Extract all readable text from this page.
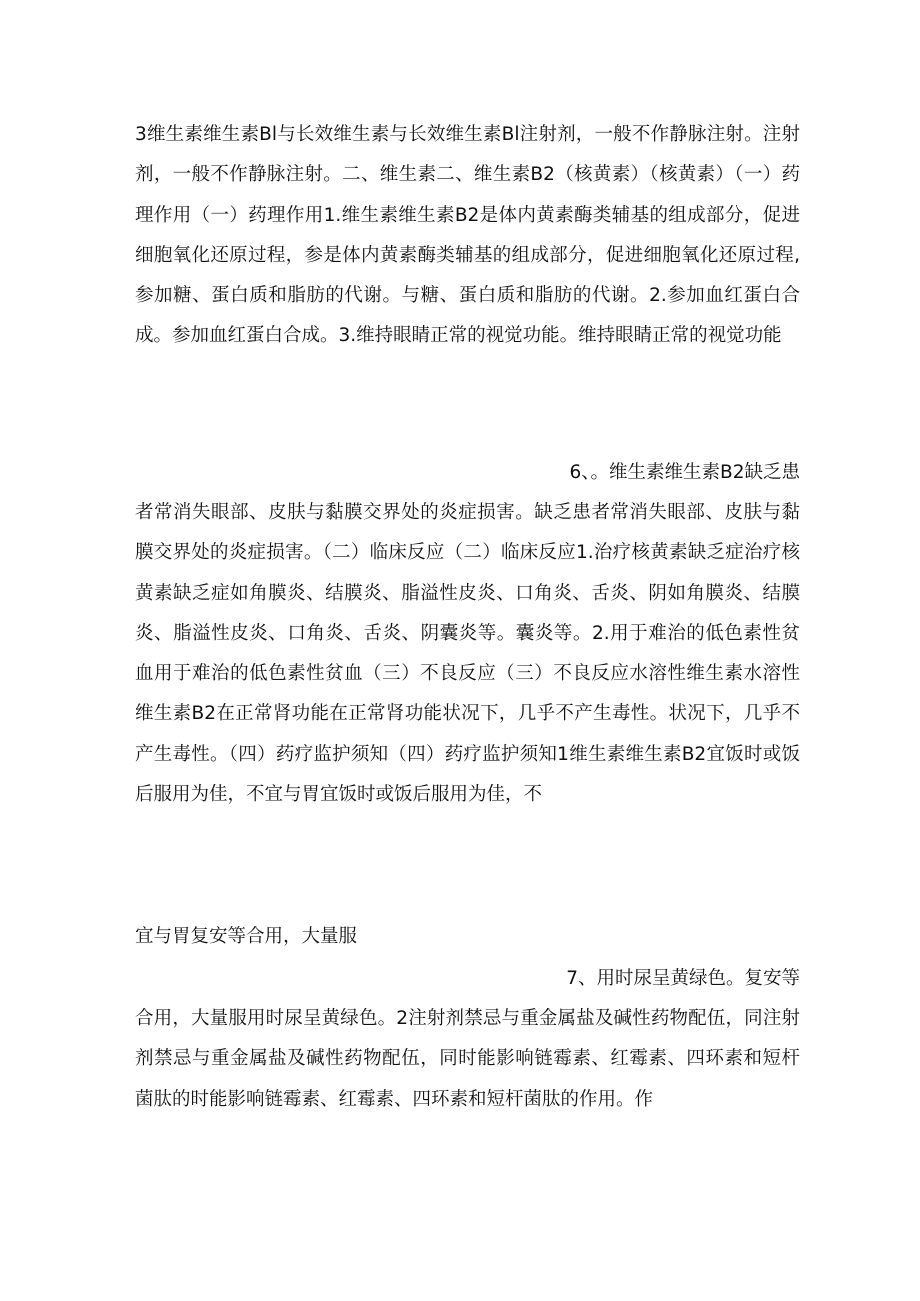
3维生素维生素Bl与长效维生素与长效维生素Bl注射剂，一般不作静脉注射。注射剂，一般不作静脉注射。二、维生素二、维生素B2（核黄素）（核黄素）（一）药理作用（一）药理作用1.维生素维生素B2是体内黄素酶类辅基的组成部分，促进细胞氧化还原过程，参是体内黄素酶类辅基的组成部分，促进细胞氧化还原过程,参加糖、蛋白质和脂肪的代谢。与糖、蛋白质和脂肪的代谢。2.参加血红蛋白合成。参加血红蛋白合成。3.维持眼睛正常的视觉功能。维持眼睛正常的视觉功能

6、。维生素维生素B2缺乏患

者常消失眼部、皮肤与黏膜交界处的炎症损害。缺乏患者常消失眼部、皮肤与黏膜交界处的炎症损害。（二）临床反应（二）临床反应1.治疗核黄素缺乏症治疗核黄素缺乏症如角膜炎、结膜炎、脂溢性皮炎、口角炎、舌炎、阴如角膜炎、结膜炎、脂溢性皮炎、口角炎、舌炎、阴囊炎等。囊炎等。2.用于难治的低色素性贫血用于难治的低色素性贫血（三）不良反应（三）不良反应水溶性维生素水溶性维生素B2在正常肾功能在正常肾功能状况下，几乎不产生毒性。状况下，几乎不产生毒性。（四）药疗监护须知（四）药疗监护须知1维生素维生素B2宜饭时或饭后服用为佳，不宜与胃宜饭时或饭后服用为佳，不

宜与胃复安等合用，大量服

7、用时尿呈黄绿色。复安等

合用，大量服用时尿呈黄绿色。2注射剂禁忌与重金属盐及碱性药物配伍，同注射剂禁忌与重金属盐及碱性药物配伍，同时能影响链霉素、红霉素、四环素和短杆菌肽的时能影响链霉素、红霉素、四环素和短杆菌肽的作用。作
